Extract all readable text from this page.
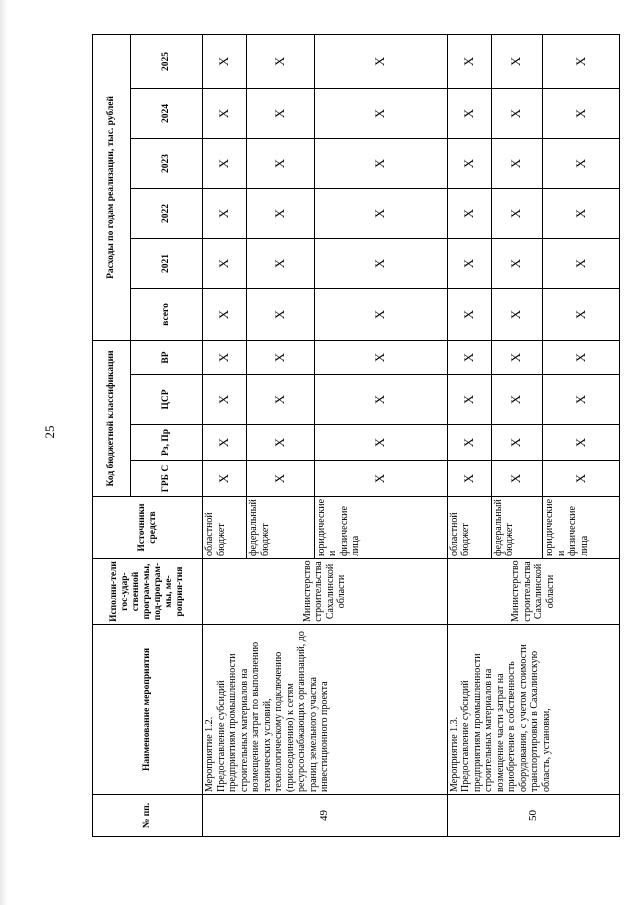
25
№ пп.	Наименование мероприятия	Исполни-тели гос-удар-ственной програм-мы, под-програм-мы, ме-роприя-тия	Источники средств	Код бюджетной классификации				Расходы по годам реализации, тыс. рублей					
				ГРБ С	Рз, Пр	ЦСР	ВР	всего	2021	2022	2023	2024	2025
49	Мероприятие 1.2. Предоставление субсидий предприятиям промышленности строительных материалов на возмещение затрат по выполнению технических условий, технологическому подключению (присоединению) к сетям ресурсоснабжающих организаций, до границ земельного участка инвестиционного проекта	Министерство строительства Сахалинской области	областной бюджет	X	X	X	X	X	X	X	X	X	X
			федеральный бюджет	X	X	X	X	X	X	X	X	X	X
			юридические и физические лица	X	X	X	X	X	X	X	X	X	X
50	Мероприятие 1.3. Предоставление субсидий предприятиям промышленности строительных материалов на возмещение части затрат на приобретение в собственность оборудования, с учетом стоимости транспортировки в Сахалинскую область, установки,	Министерство строительства Сахалинской области	областной бюджет	X	X	X	X	X	X	X	X	X	X
			федеральный бюджет	X	X	X	X	X	X	X	X	X	X
			юридические и физические лица	X	X	X	X	X	X	X	X	X	X
